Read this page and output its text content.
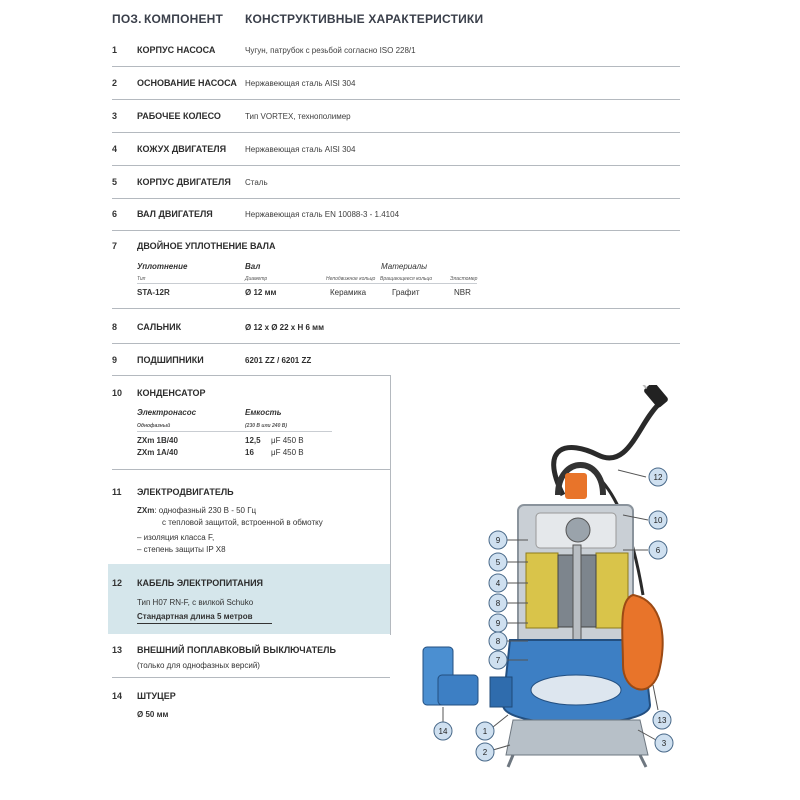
ПОЗ. КОМПОНЕНТ КОНСТРУКТИВНЫЕ ХАРАКТЕРИСТИКИ
1	КОРПУС НАСОСА	Чугун, патрубок с резьбой согласно ISO 228/1
2	ОСНОВАНИЕ НАСОСА Нержавеющая сталь AISI 304
3	РАБОЧЕЕ КОЛЕСО	Тип VORTEX, технополимер
4	КОЖУХ ДВИГАТЕЛЯ Нержавеющая сталь AISI 304
5	КОРПУС ДВИГАТЕЛЯ Сталь
6	ВАЛ ДВИГАТЕЛЯ	Нержавеющая сталь EN 10088-3 - 1.4104
7	ДВОЙНОЕ УПЛОТНЕНИЕ ВАЛА
Уплотнение	Вал	Материалы
Тип	Диаметр	Неподвижное кольцо Вращающееся кольцо	Эластомер
STA-12R	Ø 12 мм	Керамика	Графит	NBR
8	САЛЬНИК	Ø 12 x Ø 22 x H 6 мм
9	ПОДШИПНИКИ	6201 ZZ / 6201 ZZ
10	КОНДЕНСАТОР
Электронасос	Емкость
Однофазный	(230 В или 240 В)
ZXm 1B/40	12,5 μF 450 В
ZXm 1A/40	16 μF 450 В
11	ЭЛЕКТРОДВИГАТЕЛЬ
ZXm: однофазный 230 В - 50 Гц
с тепловой защитой, встроенной в обмотку
– изоляция класса F,
– степень защиты IP X8
12	КАБЕЛЬ ЭЛЕКТРОПИТАНИЯ
Тип H07 RN-F, с вилкой Schuko
Стандартная длина 5 метров
13	ВНЕШНИЙ ПОПЛАВКОВЫЙ ВЫКЛЮЧАТЕЛЬ
(только для однофазных версий)
14	ШТУЦЕР
Ø 50 мм
12
10
9
5
6
4
8
9
8
7
14	1
2
13
3
